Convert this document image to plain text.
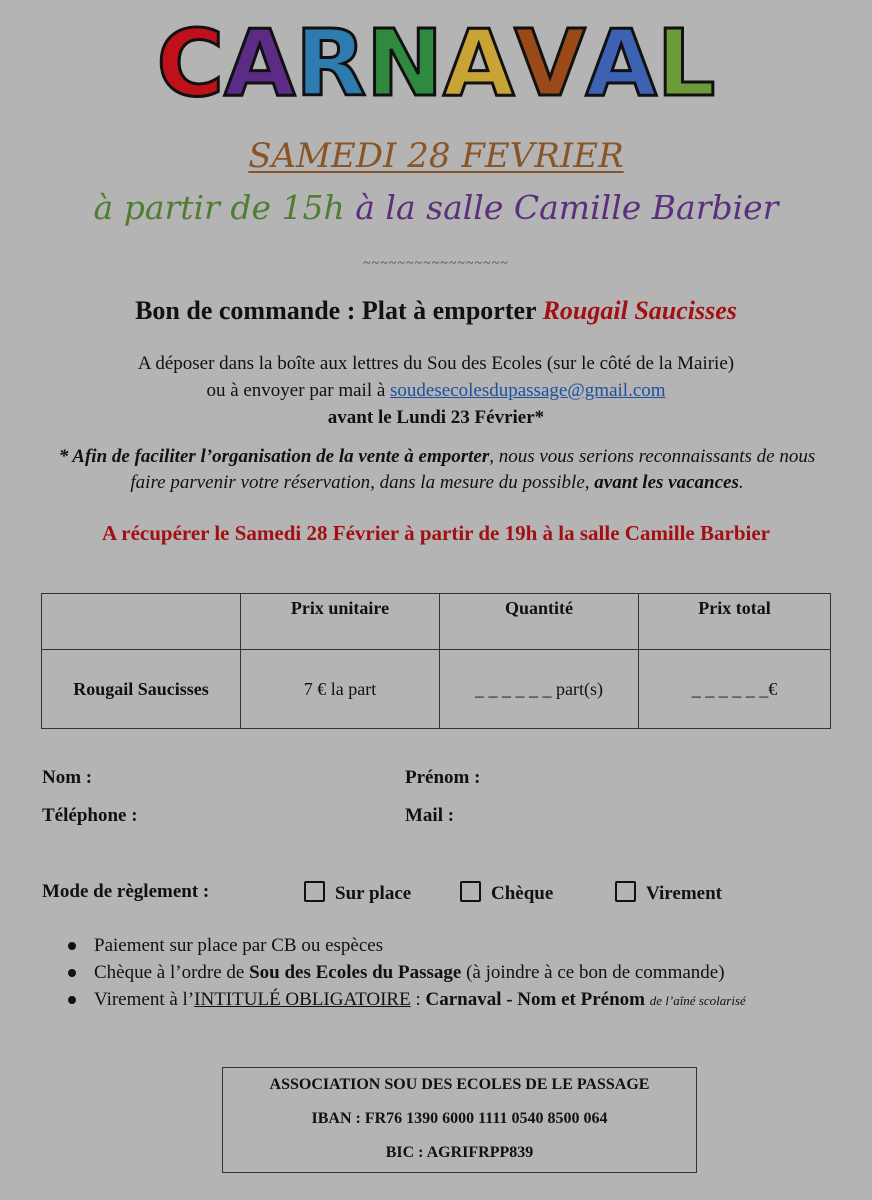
CARNAVAL
SAMEDI 28 FEVRIER
à partir de 15h à la salle Camille Barbier
~~~~~~~~~~~~~~~~~
Bon de commande : Plat à emporter Rougail Saucisses
A déposer dans la boîte aux lettres du Sou des Ecoles (sur le côté de la Mairie)
ou à envoyer par mail à soudesecolesdupassage@gmail.com
avant le Lundi 23 Février*
* Afin de faciliter l’organisation de la vente à emporter, nous vous serions reconnaissants de nous faire parvenir votre réservation, dans la mesure du possible, avant les vacances.
A récupérer le Samedi 28 Février à partir de 19h à la salle Camille Barbier
	Prix unitaire	Quantité	Prix total
Rougail Saucisses	7 € la part	_ _ _ _ _ _ part(s)	_ _ _ _ _ _€
Nom :	Prénom :
Téléphone :	Mail :
Mode de règlement :	Sur place	Chèque	Virement
Paiement sur place par CB ou espèces
Chèque à l’ordre de Sou des Ecoles du Passage (à joindre à ce bon de commande)
Virement à l’INTITULÉ OBLIGATOIRE : Carnaval - Nom et Prénom de l’aîné scolarisé
ASSOCIATION SOU DES ECOLES DE LE PASSAGE
IBAN : FR76 1390 6000 1111 0540 8500 064
BIC : AGRIFRPP839
